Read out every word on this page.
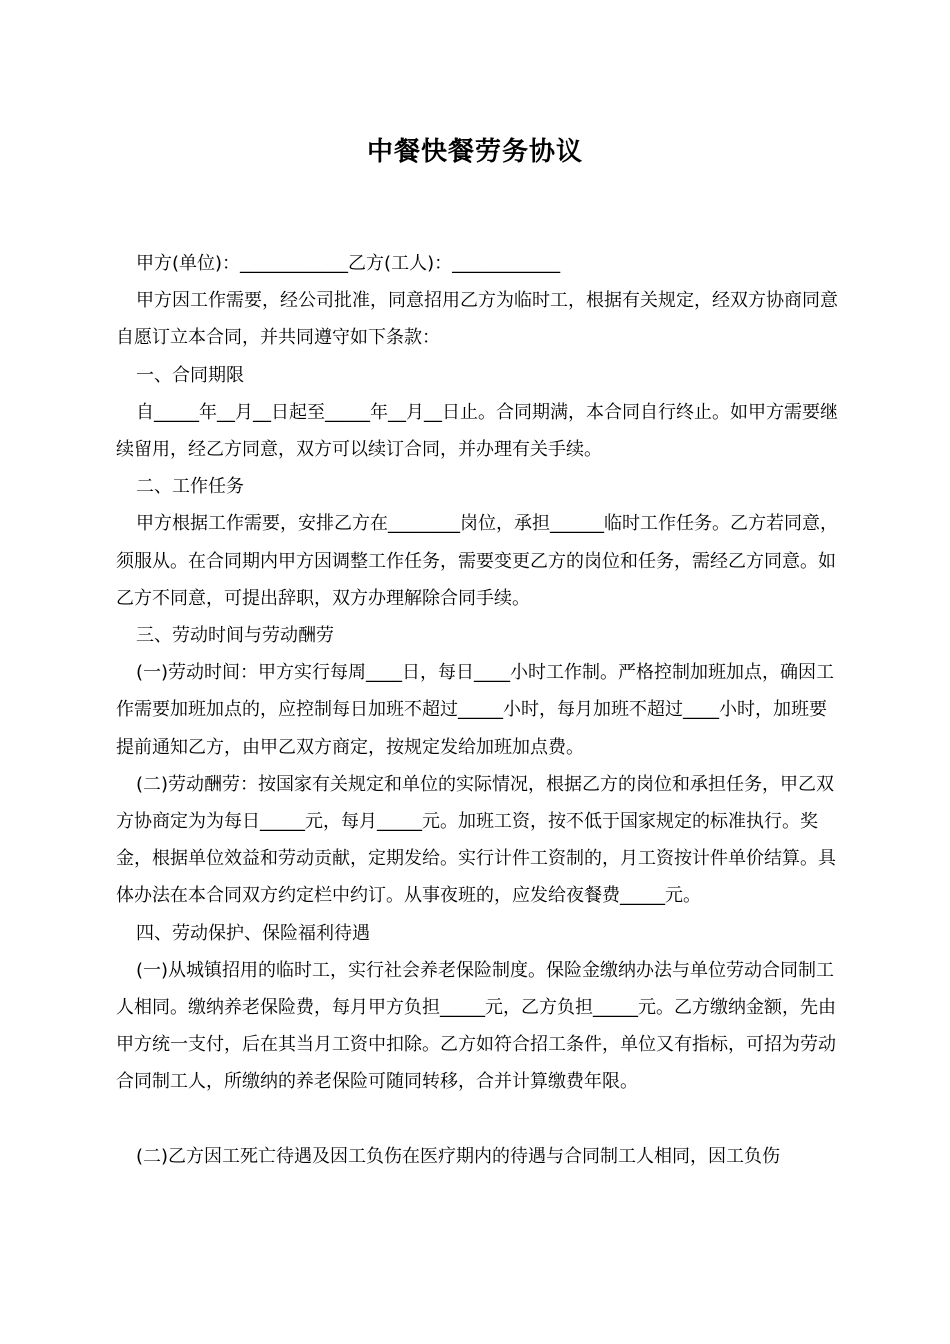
中餐快餐劳务协议

甲方(单位)：____________乙方(工人)：____________

甲方因工作需要，经公司批准，同意招用乙方为临时工，根据有关规定，经双方协商同意自愿订立本合同，并共同遵守如下条款：

一、合同期限

自_____年__月__日起至_____年__月__日止。合同期满，本合同自行终止。如甲方需要继续留用，经乙方同意，双方可以续订合同，并办理有关手续。

二、工作任务

甲方根据工作需要，安排乙方在________岗位，承担______临时工作任务。乙方若同意，须服从。在合同期内甲方因调整工作任务，需要变更乙方的岗位和任务，需经乙方同意。如乙方不同意，可提出辞职，双方办理解除合同手续。

三、劳动时间与劳动酬劳

(一)劳动时间：甲方实行每周____日，每日____小时工作制。严格控制加班加点，确因工作需要加班加点的，应控制每日加班不超过_____小时，每月加班不超过____小时，加班要提前通知乙方，由甲乙双方商定，按规定发给加班加点费。

(二)劳动酬劳：按国家有关规定和单位的实际情况，根据乙方的岗位和承担任务，甲乙双方协商定为为每日_____元，每月_____元。加班工资，按不低于国家规定的标准执行。奖金，根据单位效益和劳动贡献，定期发给。实行计件工资制的，月工资按计件单价结算。具体办法在本合同双方约定栏中约订。从事夜班的，应发给夜餐费_____元。

四、劳动保护、保险福利待遇

(一)从城镇招用的临时工，实行社会养老保险制度。保险金缴纳办法与单位劳动合同制工人相同。缴纳养老保险费，每月甲方负担_____元，乙方负担_____元。乙方缴纳金额，先由甲方统一支付，后在其当月工资中扣除。乙方如符合招工条件，单位又有指标，可招为劳动合同制工人，所缴纳的养老保险可随同转移，合并计算缴费年限。

(二)乙方因工死亡待遇及因工负伤在医疗期内的待遇与合同制工人相同，因工负伤
